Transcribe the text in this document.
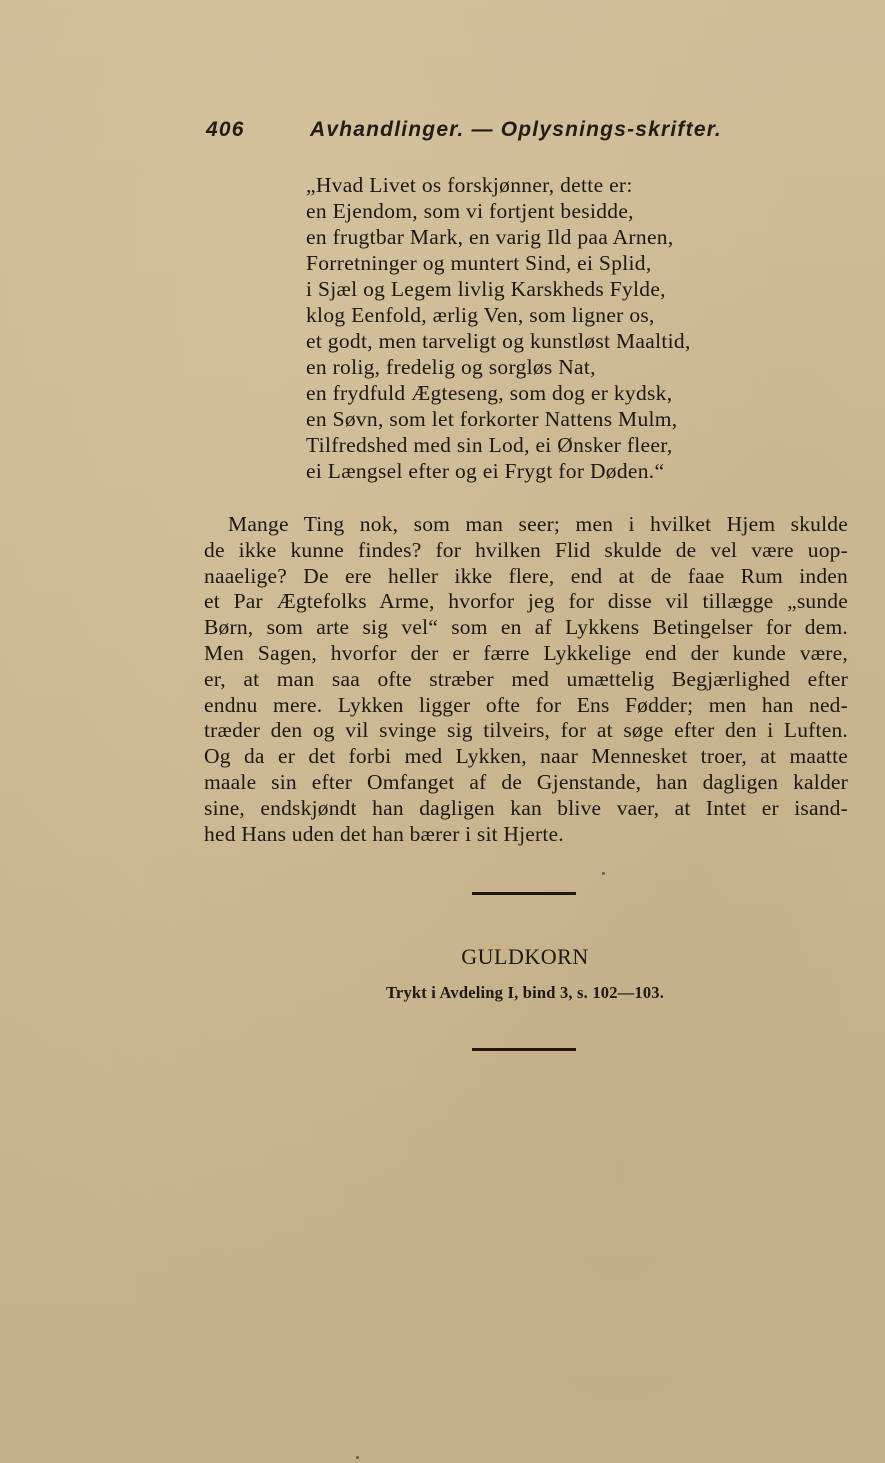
406	Avhandlinger. — Oplysnings-skrifter.
„Hvad Livet os forskjønner, dette er:
en Ejendom, som vi fortjent besidde,
en frugtbar Mark, en varig Ild paa Arnen,
Forretninger og muntert Sind, ei Splid,
i Sjæl og Legem livlig Karskheds Fylde,
klog Eenfold, ærlig Ven, som ligner os,
et godt, men tarveligt og kunstløst Maaltid,
en rolig, fredelig og sorgløs Nat,
en frydfuld Ægteseng, som dog er kydsk,
en Søvn, som let forkorter Nattens Mulm,
Tilfredshed med sin Lod, ei Ønsker fleer,
ei Længsel efter og ei Frygt for Døden.“
Mange Ting nok, som man seer; men i hvilket Hjem skulde
de ikke kunne findes? for hvilken Flid skulde de vel være uop-
naaelige? De ere heller ikke flere, end at de faae Rum inden
et Par Ægtefolks Arme, hvorfor jeg for disse vil tillægge „sunde
Børn, som arte sig vel“ som en af Lykkens Betingelser for dem.
Men Sagen, hvorfor der er færre Lykkelige end der kunde være,
er, at man saa ofte stræber med umættelig Begjærlighed efter
endnu mere. Lykken ligger ofte for Ens Fødder; men han ned-
træder den og vil svinge sig tilveirs, for at søge efter den i Luften.
Og da er det forbi med Lykken, naar Mennesket troer, at maatte
maale sin efter Omfanget af de Gjenstande, han dagligen kalder
sine, endskjøndt han dagligen kan blive vaer, at Intet er isand-
hed Hans uden det han bærer i sit Hjerte.
GULDKORN
Trykt i Avdeling I, bind 3, s. 102—103.
